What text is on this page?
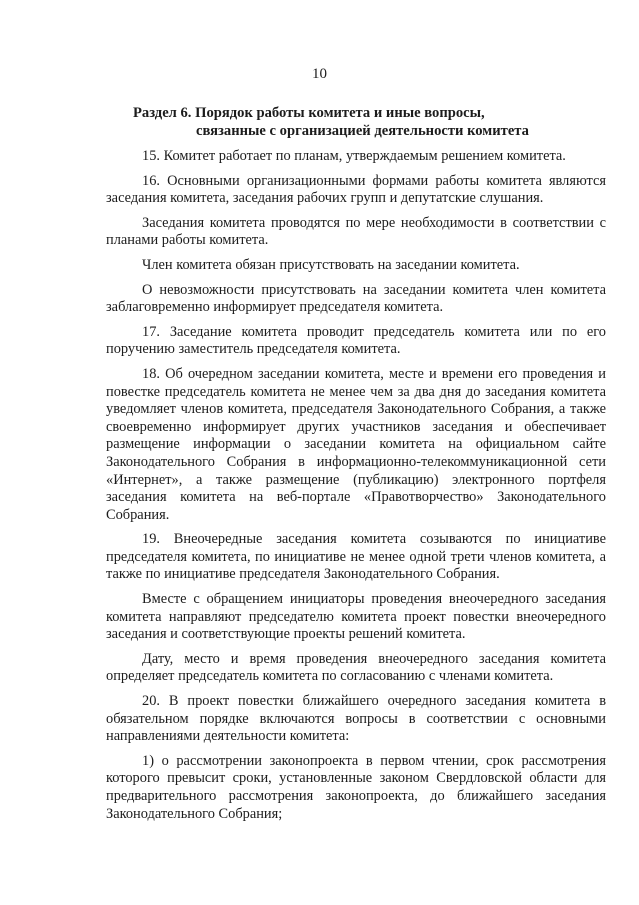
10
Раздел 6. Порядок работы комитета и иные вопросы,
связанные с организацией деятельности комитета

15. Комитет работает по планам, утверждаемым решением комитета.

16. Основными организационными формами работы комитета являются заседания комитета, заседания рабочих групп и депутатские слушания.

Заседания комитета проводятся по мере необходимости в соответствии с планами работы комитета.

Член комитета обязан присутствовать на заседании комитета.

О невозможности присутствовать на заседании комитета член комитета заблаговременно информирует председателя комитета.

17. Заседание комитета проводит председатель комитета или по его поручению заместитель председателя комитета.

18. Об очередном заседании комитета, месте и времени его проведения и повестке председатель комитета не менее чем за два дня до заседания комитета уведомляет членов комитета, председателя Законодательного Собрания, а также своевременно информирует других участников заседания и обеспечивает размещение информации о заседании комитета на официальном сайте Законодательного Собрания в информационно-телекоммуникационной сети «Интернет», а также размещение (публикацию) электронного портфеля заседания комитета на веб-портале «Правотворчество» Законодательного Собрания.

19. Внеочередные заседания комитета созываются по инициативе председателя комитета, по инициативе не менее одной трети членов комитета, а также по инициативе председателя Законодательного Собрания.

Вместе с обращением инициаторы проведения внеочередного заседания комитета направляют председателю комитета проект повестки внеочередного заседания и соответствующие проекты решений комитета.

Дату, место и время проведения внеочередного заседания комитета определяет председатель комитета по согласованию с членами комитета.

20. В проект повестки ближайшего очередного заседания комитета в обязательном порядке включаются вопросы в соответствии с основными направлениями деятельности комитета:

1) о рассмотрении законопроекта в первом чтении, срок рассмотрения которого превысит сроки, установленные законом Свердловской области для предварительного рассмотрения законопроекта, до ближайшего заседания Законодательного Собрания;
